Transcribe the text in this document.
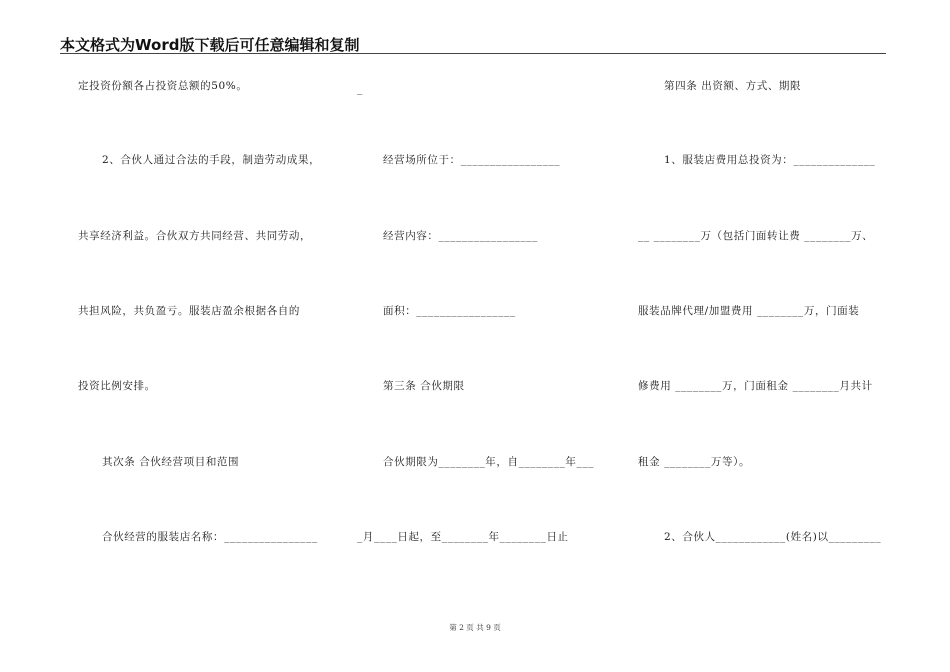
本文格式为Word版下载后可任意编辑和复制
定投资份额各占投资总额的50%。
2、合伙人通过合法的手段，制造劳动成果，
共享经济利益。合伙双方共同经营、共同劳动，
共担风险，共负盈亏。服装店盈余根据各自的
投资比例安排。
其次条 合伙经营项目和范围
合伙经营的服装店名称：________________
_
经营场所位于：_________________
经营内容：_________________
面积：_________________
第三条 合伙期限
合伙期限为________年，自________年___
_月____日起，至________年________日止
第四条 出资额、方式、期限
1、服装店费用总投资为：______________
__ ________万（包括门面转让费 ________万、
服装品牌代理/加盟费用 ________万，门面装
修费用 ________万，门面租金 ________月共计
租金 ________万等）。
2、合伙人____________(姓名)以_________
第 2 页 共 9 页
